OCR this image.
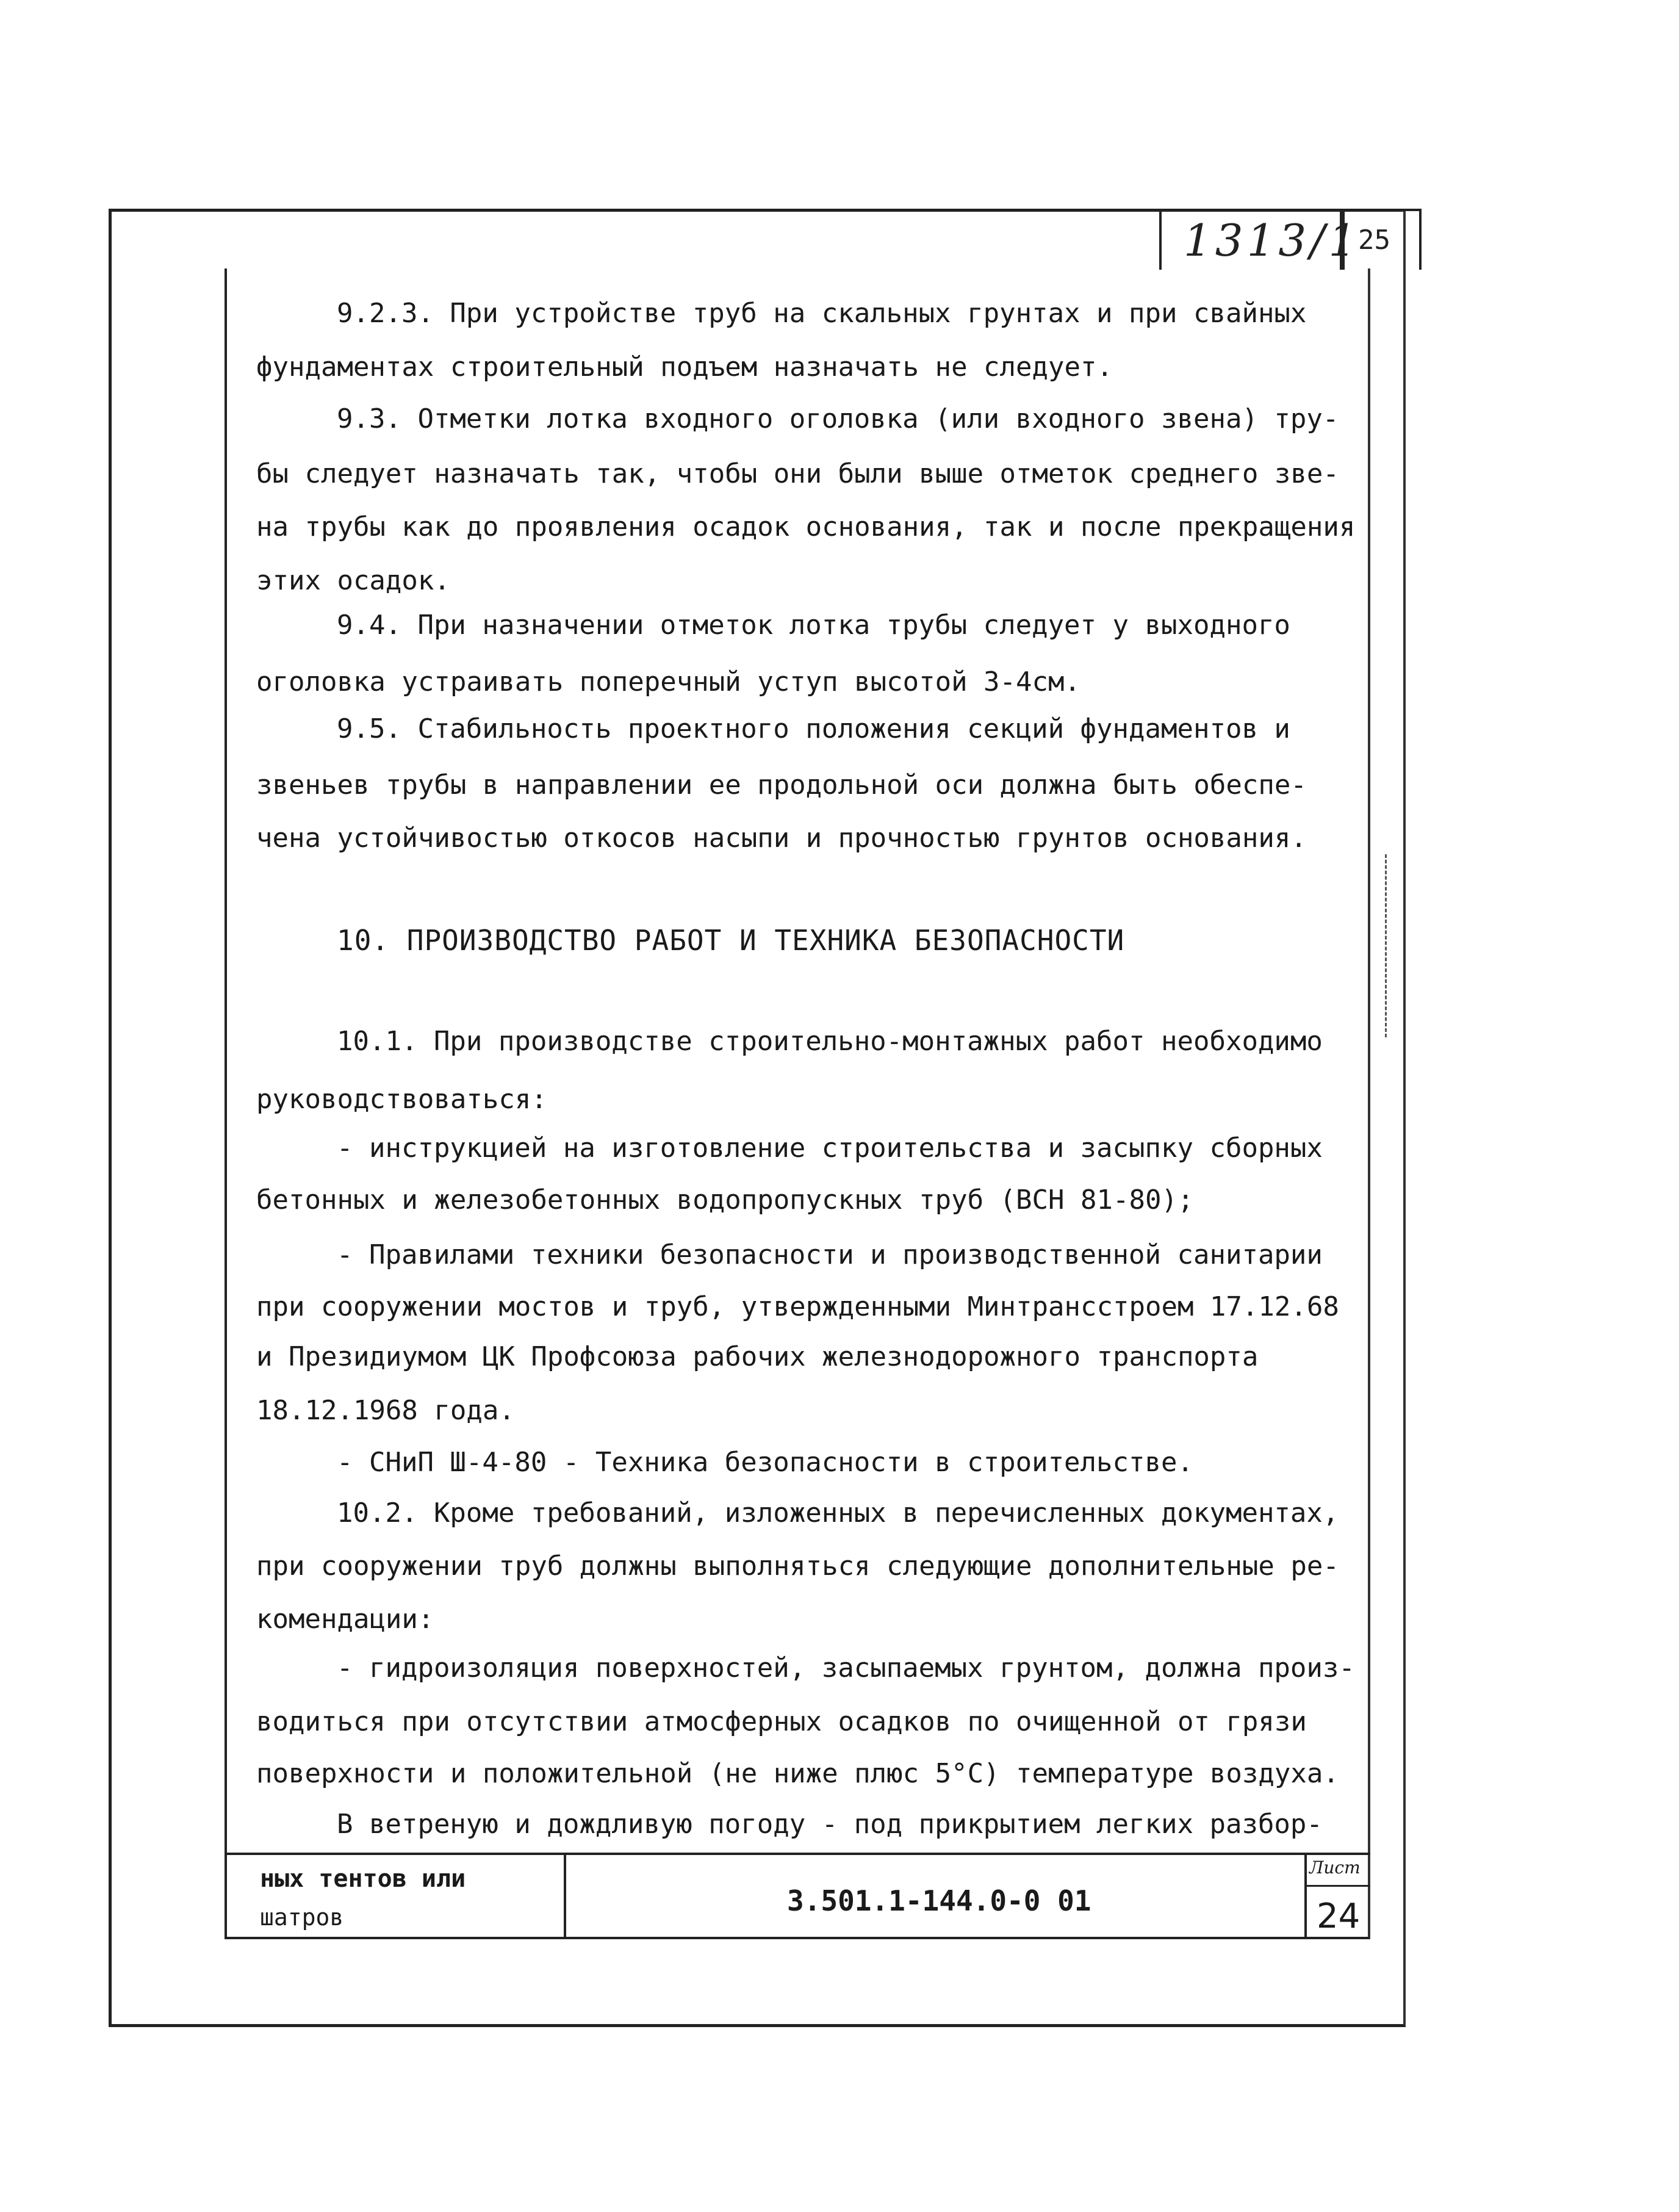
1313/1
25
9.2.3. При устройстве труб на скальных грунтах и при свайных
фундаментах строительный подъем назначать не следует.
9.3. Отметки лотка входного оголовка (или входного звена) тру-
бы следует назначать так, чтобы они были выше отметок среднего зве-
на трубы как до проявления осадок основания, так и после прекращения
этих осадок.
9.4. При назначении отметок лотка трубы следует у выходного
оголовка устраивать поперечный уступ высотой 3-4см.
9.5. Стабильность проектного положения секций фундаментов и
звеньев трубы в направлении ее продольной оси должна быть обеспе-
чена устойчивостью откосов насыпи и прочностью грунтов основания.
10. ПРОИЗВОДСТВО РАБОТ И ТЕХНИКА БЕЗОПАСНОСТИ
10.1. При производстве строительно-монтажных работ необходимо
руководствоваться:
- инструкцией на изготовление строительства и засыпку сборных
бетонных и железобетонных водопропускных труб (ВСН 81-80);
- Правилами техники безопасности и производственной санитарии
при сооружении мостов и труб, утвержденными Минтрансстроем 17.12.68
и Президиумом ЦК Профсоюза рабочих железнодорожного транспорта
18.12.1968 года.
- СНиП Ш-4-80 - Техника безопасности в строительстве.
10.2. Кроме требований, изложенных в перечисленных документах,
при сооружении труб должны выполняться следующие дополнительные ре-
комендации:
- гидроизоляция поверхностей, засыпаемых грунтом, должна произ-
водиться при отсутствии атмосферных осадков по очищенной от грязи
поверхности и положительной (не ниже плюс 5°С) температуре воздуха.
В ветреную и дождливую погоду - под прикрытием легких разбор-
ных тентов или
шатров	3.501.1-144.0-0 01
Лист
24
